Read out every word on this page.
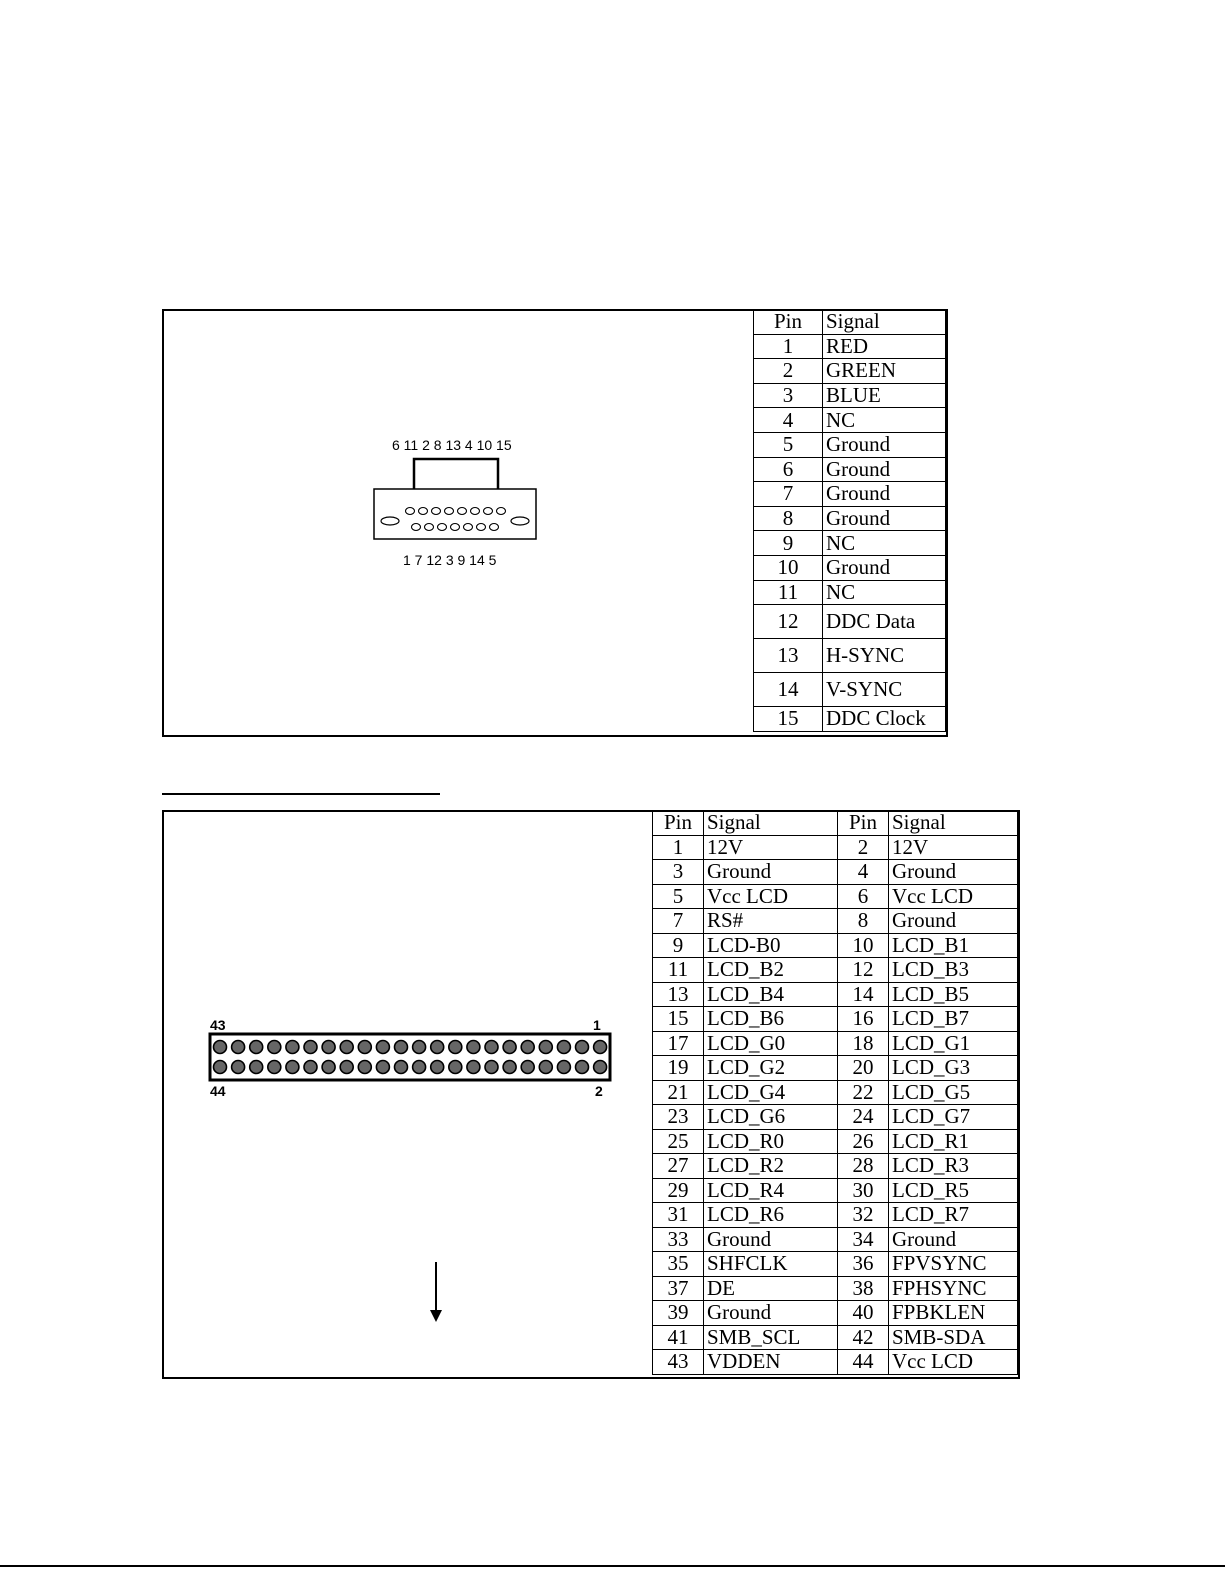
6 11 2 8 13 4 10 15
1 7 12 3 9 14 5
Pin	Signal
1	RED
2	GREEN
3	BLUE
4	NC
5	Ground
6	Ground
7	Ground
8	Ground
9	NC
10	Ground
11	NC
12	DDC Data
13	H-SYNC
14	V-SYNC
15	DDC Clock
43	1
44	2
Pin	Signal	Pin	Signal
1	12V	2	12V
3	Ground	4	Ground
5	Vcc LCD	6	Vcc LCD
7	RS#	8	Ground
9	LCD-B0	10	LCD_B1
11	LCD_B2	12	LCD_B3
13	LCD_B4	14	LCD_B5
15	LCD_B6	16	LCD_B7
17	LCD_G0	18	LCD_G1
19	LCD_G2	20	LCD_G3
21	LCD_G4	22	LCD_G5
23	LCD_G6	24	LCD_G7
25	LCD_R0	26	LCD_R1
27	LCD_R2	28	LCD_R3
29	LCD_R4	30	LCD_R5
31	LCD_R6	32	LCD_R7
33	Ground	34	Ground
35	SHFCLK	36	FPVSYNC
37	DE	38	FPHSYNC
39	Ground	40	FPBKLEN
41	SMB_SCL	42	SMB-SDA
43	VDDEN	44	Vcc LCD
